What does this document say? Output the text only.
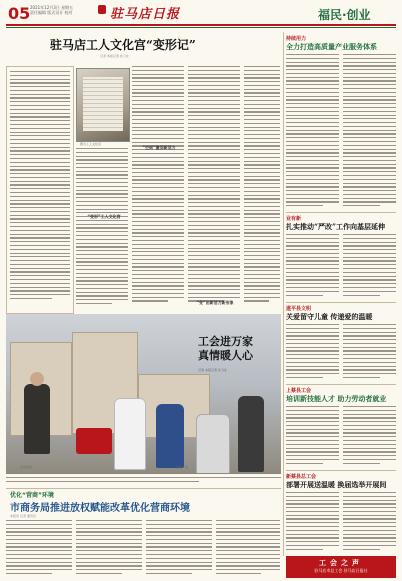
05 2021年12月3日 星期五
责任编辑 版式设计 校对	驻马店日报	福民·创业
驻马店工人文化宫“变形记”
记者 本报记者 实习生
图为工人文化宫
“变形”工人文化宫
“空间”激活新活力
“变”出新活力新形象
持续用力
全力打造高质量产业服务体系
业有新
扎实推动“严改”工作向基层延伸
遂平县文明
关爱留守儿童 传递爱的温暖
上蔡县工会
培训新技能人才 助力劳动者就业
新蔡县总工会
部署开展送温暖 换届选举开展间
工会进万家
真情暖人心
记者 本报记者 实习生
活动现场	活动一角
优化“营商”环境
市商务局推进放权赋能改革优化营商环境
本报讯 记者 通讯员
工会之声
驻马店市总工会 驻马店日报社
